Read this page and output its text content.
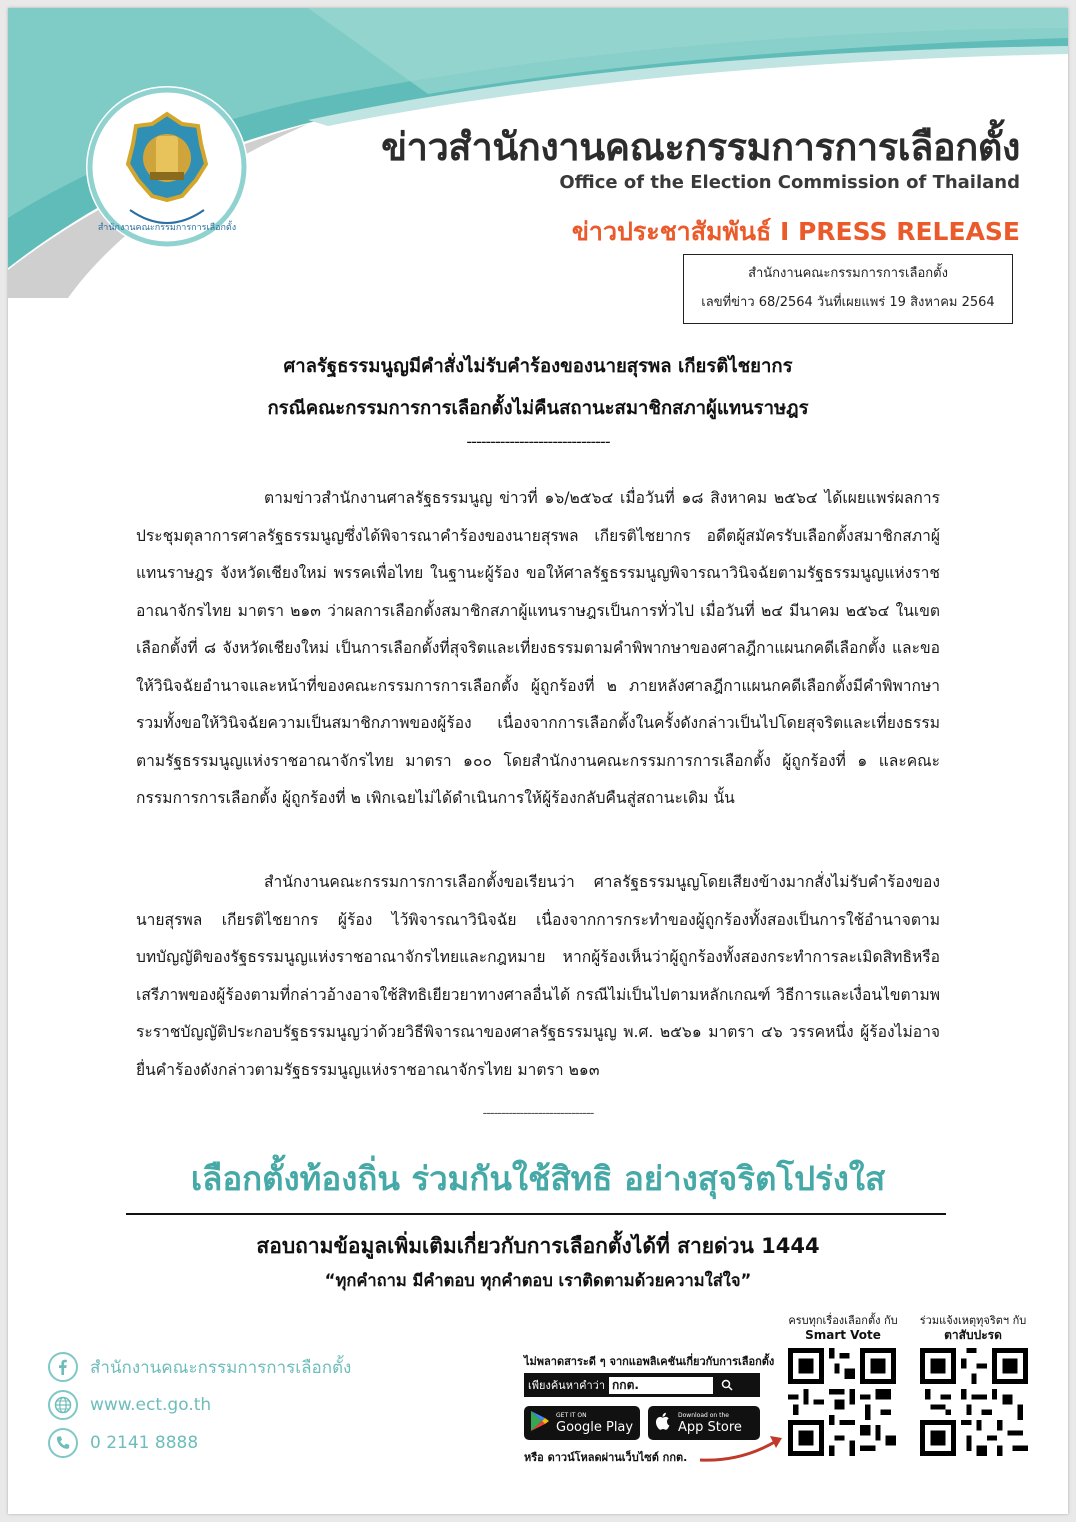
สำนักงานคณะกรรมการการเลือกตั้ง
ข่าวสำนักงานคณะกรรมการการเลือกตั้ง
Office of the Election Commission of Thailand
ข่าวประชาสัมพันธ์ I PRESS RELEASE
สำนักงานคณะกรรมการการเลือกตั้ง
เลขที่ข่าว 68/2564 วันที่เผยแพร่ 19 สิงหาคม 2564
ศาลรัฐธรรมนูญมีคำสั่งไม่รับคำร้องของนายสุรพล เกียรติไชยากร
กรณีคณะกรรมการการเลือกตั้งไม่คืนสถานะสมาชิกสภาผู้แทนราษฎร
------------------------------

ตามข่าวสำนักงานศาลรัฐธรรมนูญ ข่าวที่ ๑๖/๒๕๖๔ เมื่อวันที่ ๑๘ สิงหาคม ๒๕๖๔ ได้เผยแพร่ผลการประชุมตุลาการศาลรัฐธรรมนูญซึ่งได้พิจารณาคำร้องของนายสุรพล เกียรติไชยากร อดีตผู้สมัครรับเลือกตั้งสมาชิกสภาผู้แทนราษฎร จังหวัดเชียงใหม่ พรรคเพื่อไทย ในฐานะผู้ร้อง ขอให้ศาลรัฐธรรมนูญพิจารณาวินิจฉัยตามรัฐธรรมนูญแห่งราชอาณาจักรไทย มาตรา ๒๑๓ ว่าผลการเลือกตั้งสมาชิกสภาผู้แทนราษฎรเป็นการทั่วไป เมื่อวันที่ ๒๔ มีนาคม ๒๕๖๔ ในเขตเลือกตั้งที่ ๘ จังหวัดเชียงใหม่ เป็นการเลือกตั้งที่สุจริตและเที่ยงธรรมตามคำพิพากษาของศาลฎีกาแผนกคดีเลือกตั้ง และขอให้วินิจฉัยอำนาจและหน้าที่ของคณะกรรมการการเลือกตั้ง ผู้ถูกร้องที่ ๒ ภายหลังศาลฎีกาแผนกคดีเลือกตั้งมีคำพิพากษา รวมทั้งขอให้วินิจฉัยความเป็นสมาชิกภาพของผู้ร้อง เนื่องจากการเลือกตั้งในครั้งดังกล่าวเป็นไปโดยสุจริตและเที่ยงธรรม ตามรัฐธรรมนูญแห่งราชอาณาจักรไทย มาตรา ๑๐๐ โดยสำนักงานคณะกรรมการการเลือกตั้ง ผู้ถูกร้องที่ ๑ และคณะกรรมการการเลือกตั้ง ผู้ถูกร้องที่ ๒ เพิกเฉยไม่ได้ดำเนินการให้ผู้ร้องกลับคืนสู่สถานะเดิม นั้น

สำนักงานคณะกรรมการการเลือกตั้งขอเรียนว่า ศาลรัฐธรรมนูญโดยเสียงข้างมากสั่งไม่รับคำร้องของนายสุรพล เกียรติไชยากร ผู้ร้อง ไว้พิจารณาวินิจฉัย เนื่องจากการกระทำของผู้ถูกร้องทั้งสองเป็นการใช้อำนาจตามบทบัญญัติของรัฐธรรมนูญแห่งราชอาณาจักรไทยและกฎหมาย หากผู้ร้องเห็นว่าผู้ถูกร้องทั้งสองกระทำการละเมิดสิทธิหรือเสรีภาพของผู้ร้องตามที่กล่าวอ้างอาจใช้สิทธิเยียวยาทางศาลอื่นได้ กรณีไม่เป็นไปตามหลักเกณฑ์ วิธีการและเงื่อนไขตามพระราชบัญญัติประกอบรัฐธรรมนูญว่าด้วยวิธีพิจารณาของศาลรัฐธรรมนูญ พ.ศ. ๒๕๖๑ มาตรา ๔๖ วรรคหนึ่ง ผู้ร้องไม่อาจยื่นคำร้องดังกล่าวตามรัฐธรรมนูญแห่งราชอาณาจักรไทย มาตรา ๒๑๓

------------------------------
เลือกตั้งท้องถิ่น ร่วมกันใช้สิทธิ อย่างสุจริตโปร่งใส
สอบถามข้อมูลเพิ่มเติมเกี่ยวกับการเลือกตั้งได้ที่ สายด่วน 1444
“ทุกคำถาม มีคำตอบ ทุกคำตอบ เราติดตามด้วยความใส่ใจ”
สำนักงานคณะกรรมการการเลือกตั้ง
www.ect.go.th
0 2141 8888
ไม่พลาดสาระดี ๆ จากแอพลิเคชันเกี่ยวกับการเลือกตั้ง
เพียงค้นหาคำว่า กกต.
GET IT ON
Google Play
Download on the
App Store
หรือ ดาวน์โหลดผ่านเว็บไซต์ กกต.
ครบทุกเรื่องเลือกตั้ง กับ
Smart Vote
ร่วมแจ้งเหตุทุจริตฯ กับ
ตาสับปะรด
